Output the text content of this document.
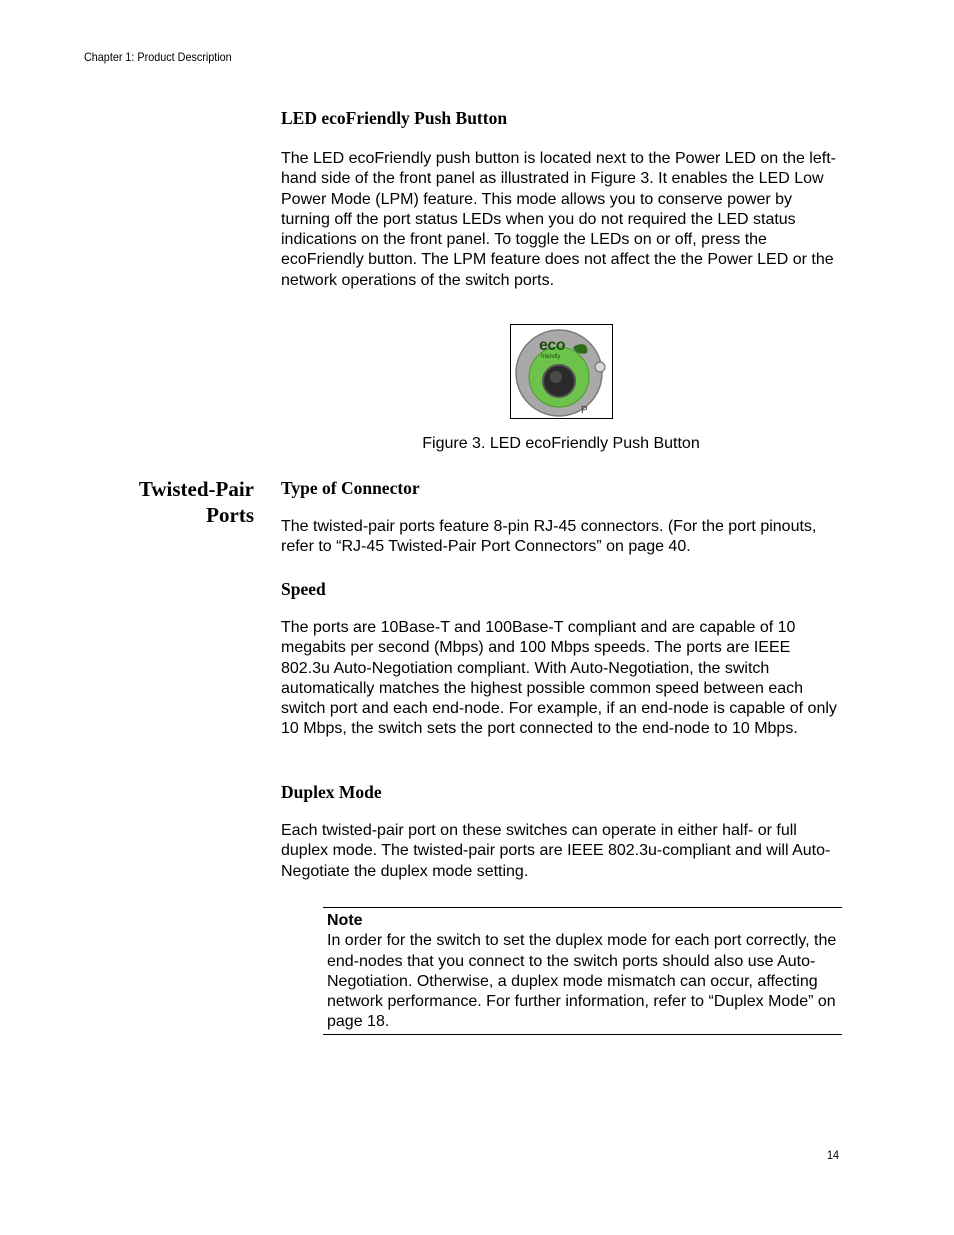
Chapter 1: Product Description
LED ecoFriendly Push Button
The LED ecoFriendly push button is located next to the Power LED on the left-hand side of the front panel as illustrated in Figure 3. It enables the LED Low Power Mode (LPM) feature. This mode allows you to conserve power by turning off the port status LEDs when you do not required the LED status indications on the front panel. To toggle the LEDs on or off, press the ecoFriendly button. The LPM feature does not affect the the Power LED or the network operations of the switch ports.
P
eco
friendly
Figure 3. LED ecoFriendly Push Button
Twisted-Pair
Ports
Type of Connector
The twisted-pair ports feature 8-pin RJ-45 connectors. (For the port pinouts, refer to “RJ-45 Twisted-Pair Port Connectors” on page 40.
Speed
The ports are 10Base-T and 100Base-T compliant and are capable of 10 megabits per second (Mbps) and 100 Mbps speeds. The ports are IEEE 802.3u Auto-Negotiation compliant. With Auto-Negotiation, the switch automatically matches the highest possible common speed between each switch port and each end-node. For example, if an end-node is capable of only 10 Mbps, the switch sets the port connected to the end-node to 10 Mbps.
Duplex Mode
Each twisted-pair port on these switches can operate in either half- or full duplex mode. The twisted-pair ports are IEEE 802.3u-compliant and will Auto-Negotiate the duplex mode setting.
Note
In order for the switch to set the duplex mode for each port correctly, the end-nodes that you connect to the switch ports should also use Auto-Negotiation. Otherwise, a duplex mode mismatch can occur, affecting network performance. For further information, refer to “Duplex Mode” on page 18.
14
